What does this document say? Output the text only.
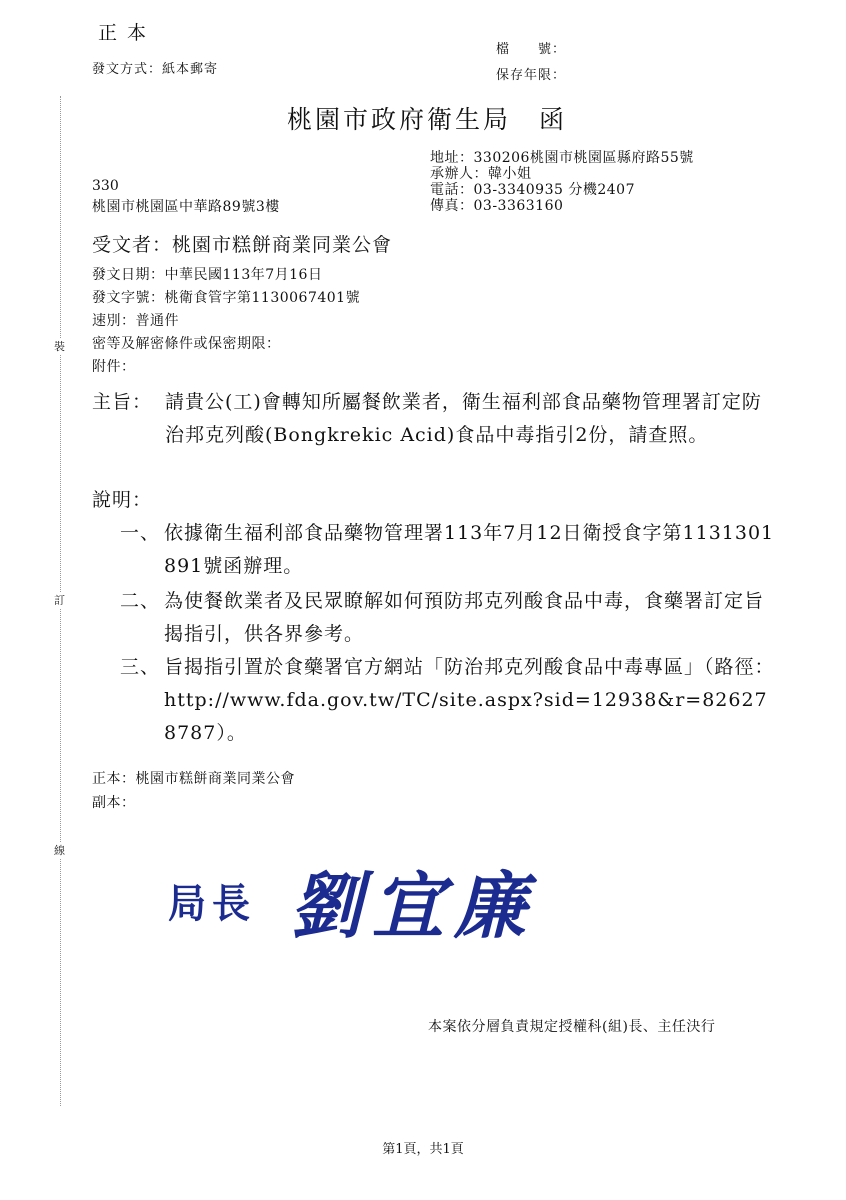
裝
訂
線
正本
發文方式：紙本郵寄
檔　　號：
保存年限：
桃園市政府衛生局　函
地址：330206桃園市桃園區縣府路55號
承辦人：韓小姐
電話：03-3340935 分機2407
傳真：03-3363160
330
桃園市桃園區中華路89號3樓
受文者：桃園市糕餅商業同業公會
發文日期：中華民國113年7月16日
發文字號：桃衛食管字第1130067401號
速別：普通件
密等及解密條件或保密期限：
附件：
主旨： 請貴公(工)會轉知所屬餐飲業者，衛生福利部食品藥物管理署訂定防治邦克列酸(Bongkrekic Acid)食品中毒指引2份，請查照。
說明：
一、 依據衛生福利部食品藥物管理署113年7月12日衛授食字第1131301891號函辦理。
二、 為使餐飲業者及民眾瞭解如何預防邦克列酸食品中毒，食藥署訂定旨揭指引，供各界參考。
三、 旨揭指引置於食藥署官方網站「防治邦克列酸食品中毒專區」（路徑：http://www.fda.gov.tw/TC/site.aspx?sid=12938&r=826278787）。
正本：桃園市糕餅商業同業公會
副本：
局長 劉宜廉
本案依分層負責規定授權科(組)長、主任決行
第1頁，共1頁
